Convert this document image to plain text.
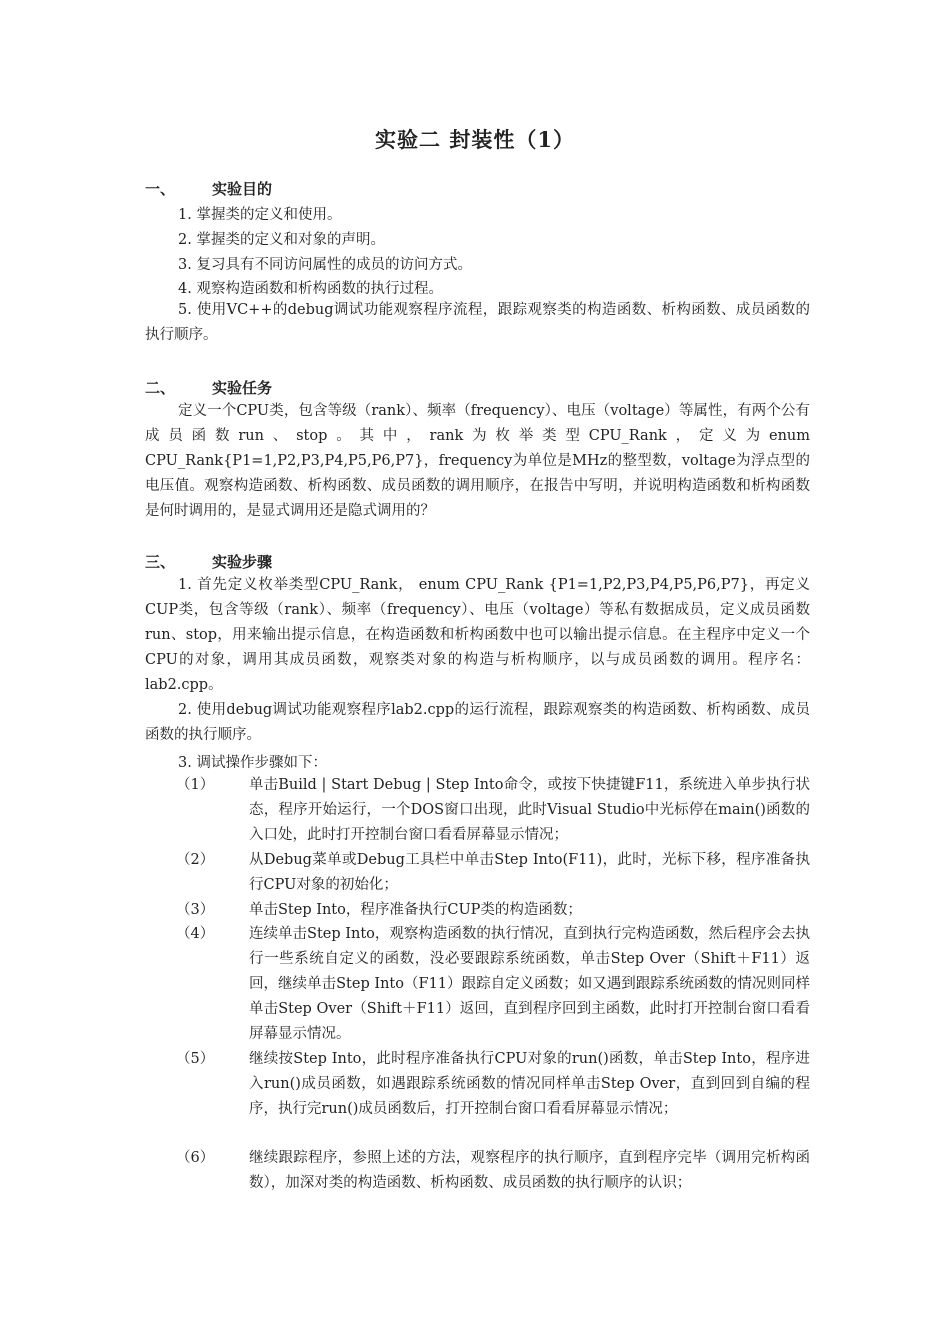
实验二 封装性（1）
一、 实验目的
1. 掌握类的定义和使用。
2. 掌握类的定义和对象的声明。
3. 复习具有不同访问属性的成员的访问方式。
4. 观察构造函数和析构函数的执行过程。
5. 使用VC++的debug调试功能观察程序流程，跟踪观察类的构造函数、析构函数、成员函数的执行顺序。
二、 实验任务
定义一个CPU类，包含等级（rank）、频率（frequency）、电压（voltage）等属性，有两个公有成员函数run、stop。其中，rank为枚举类型CPU_Rank，定义为enum CPU_Rank{P1=1,P2,P3,P4,P5,P6,P7}，frequency为单位是MHz的整型数，voltage为浮点型的电压值。观察构造函数、析构函数、成员函数的调用顺序，在报告中写明，并说明构造函数和析构函数是何时调用的，是显式调用还是隐式调用的？
三、 实验步骤
1. 首先定义枚举类型CPU_Rank， enum CPU_Rank {P1=1,P2,P3,P4,P5,P6,P7}，再定义CUP类，包含等级（rank）、频率（frequency）、电压（voltage）等私有数据成员，定义成员函数run、stop，用来输出提示信息，在构造函数和析构函数中也可以输出提示信息。在主程序中定义一个CPU的对象，调用其成员函数，观察类对象的构造与析构顺序，以与成员函数的调用。程序名：lab2.cpp。
2. 使用debug调试功能观察程序lab2.cpp的运行流程，跟踪观察类的构造函数、析构函数、成员函数的执行顺序。
3. 调试操作步骤如下：
（1） 单击Build | Start Debug | Step Into命令，或按下快捷键F11，系统进入单步执行状态，程序开始运行，一个DOS窗口出现，此时Visual Studio中光标停在main()函数的入口处，此时打开控制台窗口看看屏幕显示情况；
（2） 从Debug菜单或Debug工具栏中单击Step Into(F11)，此时，光标下移，程序准备执行CPU对象的初始化；
（3） 单击Step Into，程序准备执行CUP类的构造函数；
（4） 连续单击Step Into，观察构造函数的执行情况，直到执行完构造函数，然后程序会去执行一些系统自定义的函数，没必要跟踪系统函数，单击Step Over（Shift＋F11）返回，继续单击Step Into（F11）跟踪自定义函数；如又遇到跟踪系统函数的情况则同样单击Step Over（Shift＋F11）返回，直到程序回到主函数，此时打开控制台窗口看看屏幕显示情况。
（5） 继续按Step Into，此时程序准备执行CPU对象的run()函数，单击Step Into，程序进入run()成员函数，如遇跟踪系统函数的情况同样单击Step Over，直到回到自编的程序，执行完run()成员函数后，打开控制台窗口看看屏幕显示情况；
（6） 继续跟踪程序，参照上述的方法，观察程序的执行顺序，直到程序完毕（调用完析构函数），加深对类的构造函数、析构函数、成员函数的执行顺序的认识；
